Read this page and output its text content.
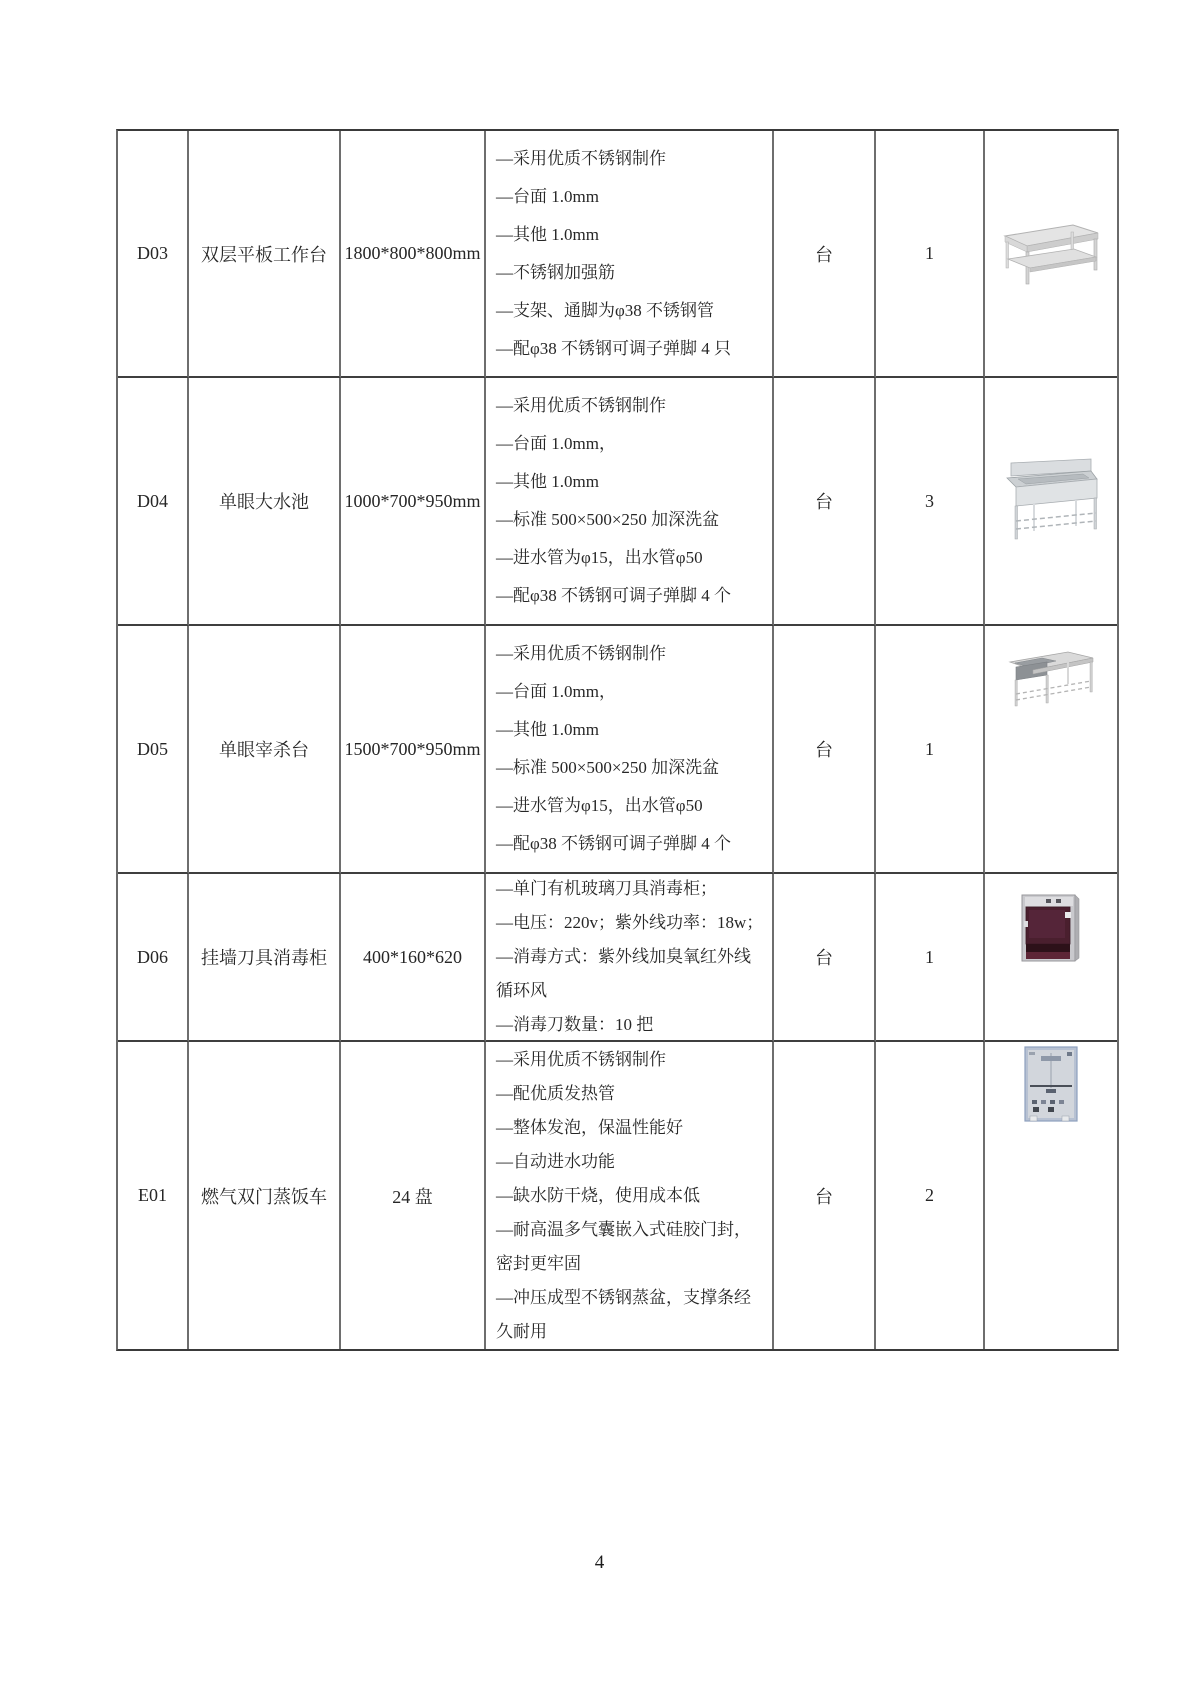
D03	双层平板工作台 1800*800*800mm
—采用优质不锈钢制作
—台面 1.0mm
—其他 1.0mm
—不锈钢加强筋
—支架、通脚为φ38 不锈钢管
—配φ38 不锈钢可调子弹脚 4 只
台	1
D04	单眼大水池	1000*700*950mm
—采用优质不锈钢制作
—台面 1.0mm，
—其他 1.0mm
—标准 500×500×250 加深洗盆
—进水管为φ15，出水管φ50
—配φ38 不锈钢可调子弹脚 4 个
台	3
D05	单眼宰杀台	1500*700*950mm
—采用优质不锈钢制作
—台面 1.0mm，
—其他 1.0mm
—标准 500×500×250 加深洗盆
—进水管为φ15，出水管φ50
—配φ38 不锈钢可调子弹脚 4 个
台	1
D06	挂墙刀具消毒柜	400*160*620
—单门有机玻璃刀具消毒柜；
—电压：220v；紫外线功率：18w；
—消毒方式：紫外线加臭氧红外线循环风
—消毒刀数量：10 把
台	1
E01	燃气双门蒸饭车	24 盘
—采用优质不锈钢制作
—配优质发热管
—整体发泡，保温性能好
—自动进水功能
—缺水防干烧，使用成本低
—耐高温多气囊嵌入式硅胶门封，密封更牢固
—冲压成型不锈钢蒸盆，支撑条经久耐用
台	2
4
